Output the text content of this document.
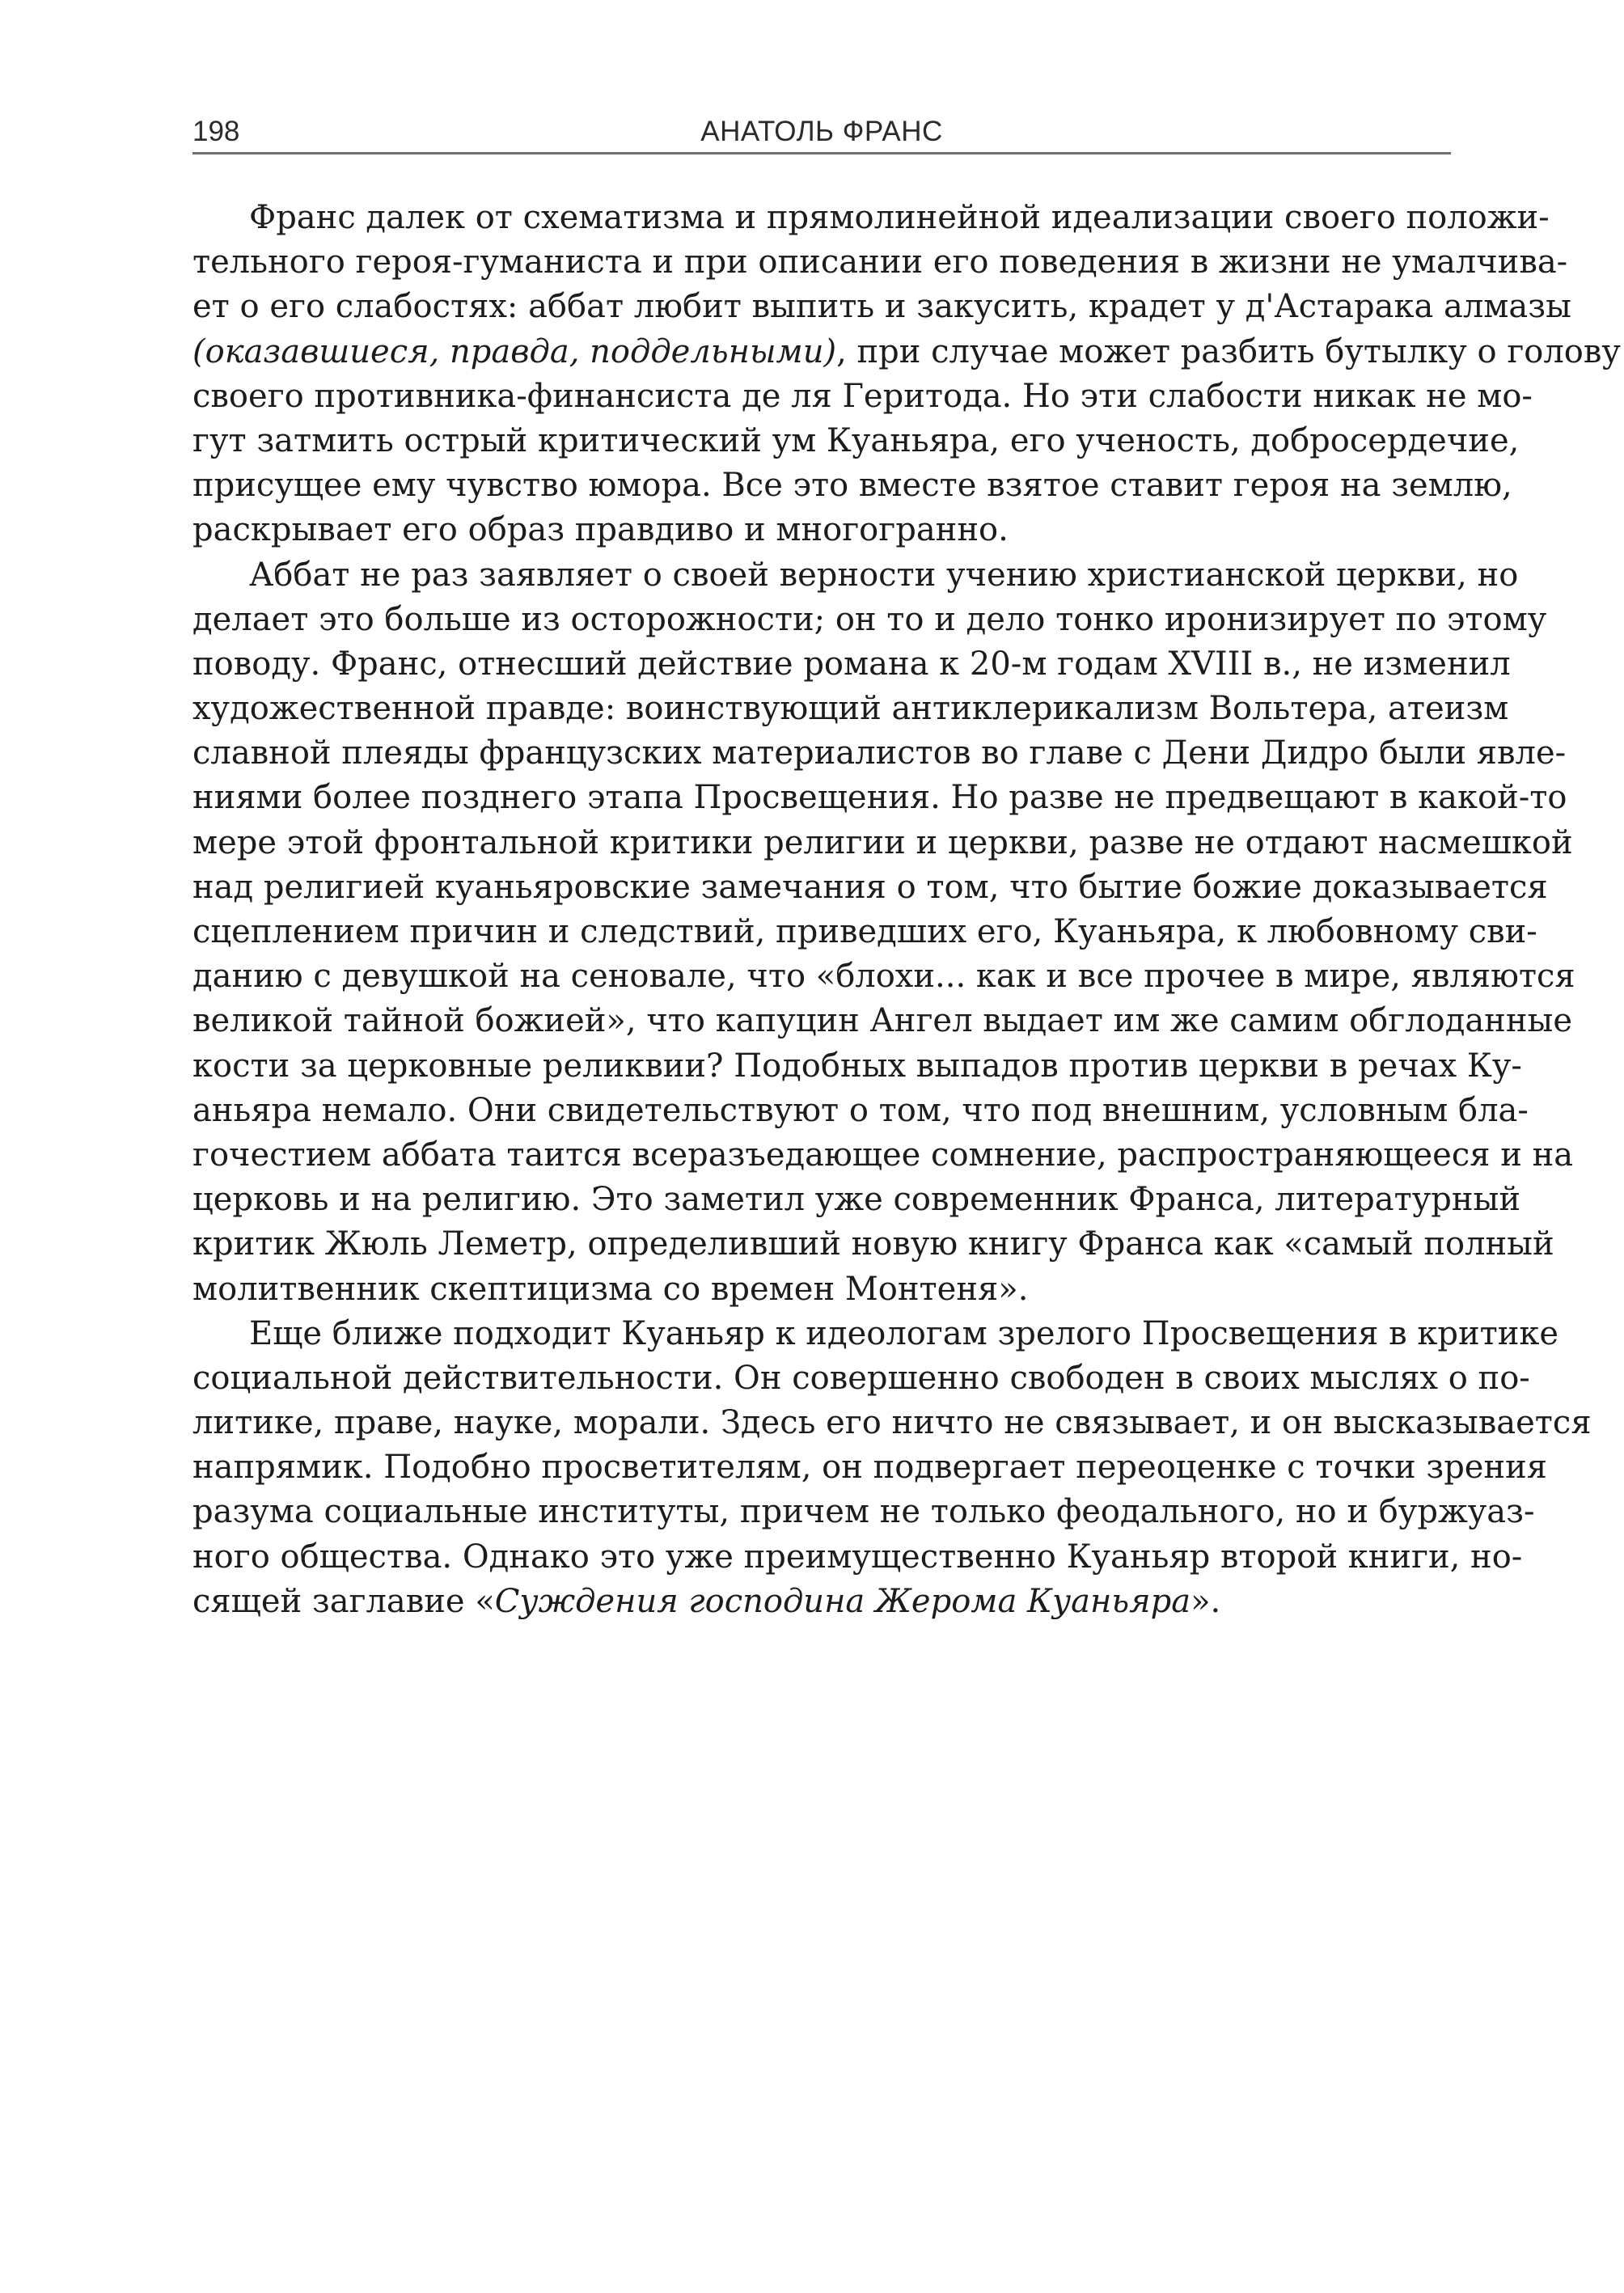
198	АНАТОЛЬ ФРАНС
Франс далек от схематизма и прямолинейной идеализации своего положи-
тельного героя-гуманиста и при описании его поведения в жизни не умалчива-
ет о его слабостях: аббат любит выпить и закусить, крадет у д'Астарака алмазы
(оказавшиеся, правда, поддельными), при случае может разбить бутылку о голову
своего противника-финансиста де ля Геритода. Но эти слабости никак не мо-
гут затмить острый критический ум Куаньяра, его ученость, добросердечие,
присущее ему чувство юмора. Все это вместе взятое ставит героя на землю,
раскрывает его образ правдиво и многогранно.
Аббат не раз заявляет о своей верности учению христианской церкви, но
делает это больше из осторожности; он то и дело тонко иронизирует по этому
поводу. Франс, отнесший действие романа к 20-м годам XVIII в., не изменил
художественной правде: воинствующий антиклерикализм Вольтера, атеизм
славной плеяды французских материалистов во главе с Дени Дидро были явле-
ниями более позднего этапа Просвещения. Но разве не предвещают в какой-то
мере этой фронтальной критики религии и церкви, разве не отдают насмешкой
над религией куаньяровские замечания о том, что бытие божие доказывается
сцеплением причин и следствий, приведших его, Куаньяра, к любовному сви-
данию с девушкой на сеновале, что «блохи... как и все прочее в мире, являются
великой тайной божией», что капуцин Ангел выдает им же самим обглоданные
кости за церковные реликвии? Подобных выпадов против церкви в речах Ку-
аньяра немало. Они свидетельствуют о том, что под внешним, условным бла-
гочестием аббата таится всеразъедающее сомнение, распространяющееся и на
церковь и на религию. Это заметил уже современник Франса, литературный
критик Жюль Леметр, определивший новую книгу Франса как «самый полный
молитвенник скептицизма со времен Монтеня».
Еще ближе подходит Куаньяр к идеологам зрелого Просвещения в критике
социальной действительности. Он совершенно свободен в своих мыслях о по-
литике, праве, науке, морали. Здесь его ничто не связывает, и он высказывается
напрямик. Подобно просветителям, он подвергает переоценке с точки зрения
разума социальные институты, причем не только феодального, но и буржуаз-
ного общества. Однако это уже преимущественно Куаньяр второй книги, но-
сящей заглавие «Суждения господина Жерома Куаньяра».
